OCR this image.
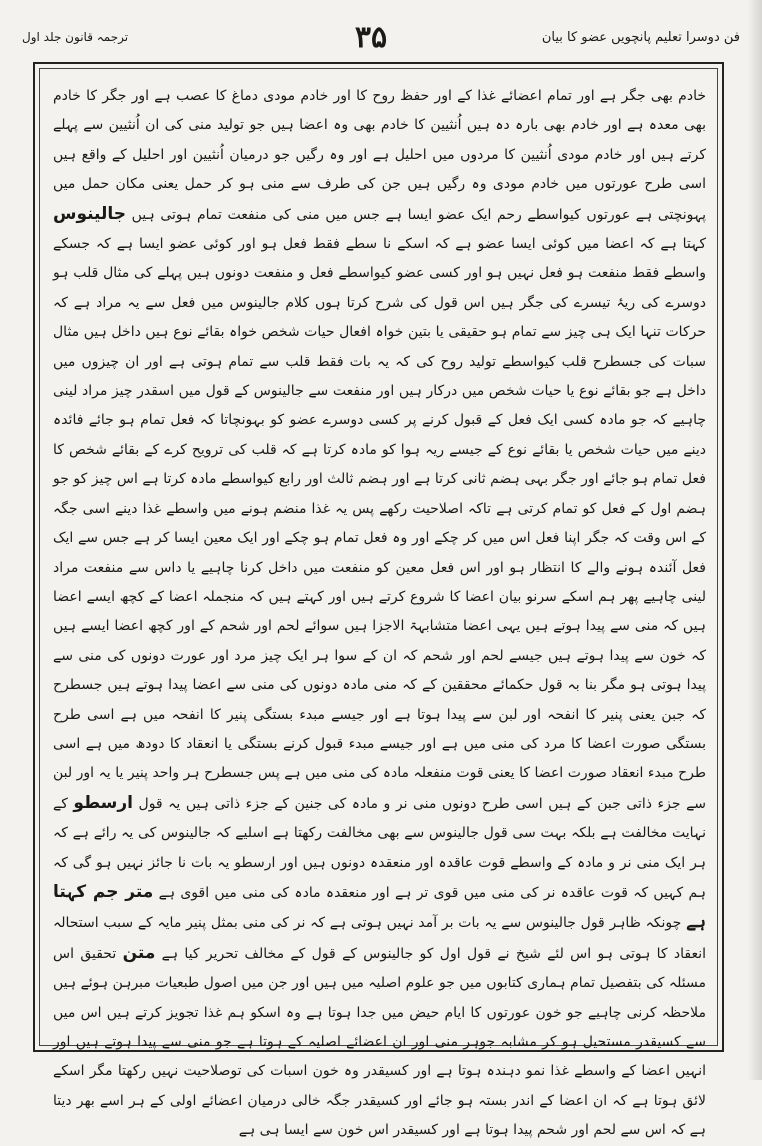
فن دوسرا تعلیم پانچویں عضو کا بیان
۳۵
ترجمہ قانون جلد اول

خادم بھی جگر ہے اور تمام اعضائے غذا کے اور حفظ روح کا اور خادم مودی دماغ کا عصب ہے اور جگر کا خادم بھی معدہ ہے اور خادم بھی بارہ دہ ہیں اُنثیین کا خادم بھی وہ اعضا ہیں جو تولید منی کی ان اُنثیین سے پہلے کرتے ہیں اور خادم مودی اُنثیین کا مردوں میں احلیل ہے اور وہ رگیں جو درمیان اُنثیین اور احلیل کے واقع ہیں اسی طرح عورتوں میں خادم مودی وہ رگیں ہیں جن کی طرف سے منی ہو کر حمل یعنی مکان حمل میں پہونچتی ہے عورتوں کیواسطے رحم ایک عضو ایسا ہے جس میں منی کی منفعت تمام ہوتی ہیں جالینوس کہتا ہے کہ اعضا میں کوئی ایسا عضو ہے کہ اسکے نا سطے فقط فعل ہو اور کوئی عضو ایسا ہے کہ جسکے واسطے فقط منفعت ہو فعل نہیں ہو اور کسی عضو کیواسطے فعل و منفعت دونوں ہیں پہلے کی مثال قلب ہو دوسرے کی ریۂ تیسرے کی جگر ہیں اس قول کی شرح کرتا ہوں کلام جالینوس میں فعل سے یہ مراد ہے کہ حرکات تنہا ایک ہی چیز سے تمام ہو حقیقی یا بتین خواہ افعال حیات شخص خواہ بقائے نوع ہیں داخل ہیں مثال سبات کی جسطرح قلب کیواسطے تولید روح کی کہ یہ بات فقط قلب سے تمام ہوتی ہے اور ان چیزوں میں داخل ہے جو بقائے نوع یا حیات شخص میں درکار ہیں اور منفعت سے جالینوس کے قول میں اسقدر چیز مراد لینی چاہیے کہ جو مادہ کسی ایک فعل کے قبول کرنے پر کسی دوسرے عضو کو بہونچاتا کہ فعل تمام ہو جائے فائدہ دینے میں حیات شخص یا بقائے نوع کے جیسے ریہ ہوا کو مادہ کرتا ہے کہ قلب کی ترویح کرے کے بقائے شخص کا فعل تمام ہو جائے اور جگر بہی ہضم ثانی کرتا ہے اور ہضم ثالث اور رابع کیواسطے مادہ کرتا ہے اس چیز کو جو ہضم اول کے فعل کو تمام کرتی ہے تاکہ اصلاحیت رکھے پس یہ غذا منضم ہونے میں واسطے غذا دینے اسی جگہ کے اس وقت کہ جگر اپنا فعل اس میں کر چکے اور وہ فعل تمام ہو چکے اور ایک معین ایسا کر ہے جس سے ایک فعل آئندہ ہونے والے کا انتظار ہو اور اس فعل معین کو منفعت میں داخل کرنا چاہیے یا داس سے منفعت مراد لینی چاہیے پھر ہم اسکے سرنو بیان اعضا کا شروع کرتے ہیں اور کہتے ہیں کہ منجملہ اعضا کے کچھ ایسے اعضا ہیں کہ منی سے پیدا ہوتے ہیں یہی اعضا متشابہۃ الاجزا ہیں سوائے لحم اور شحم کے اور کچھ اعضا ایسے ہیں کہ خون سے پیدا ہوتے ہیں جیسے لحم اور شحم کہ ان کے سوا ہر ایک چیز مرد اور عورت دونوں کی منی سے پیدا ہوتی ہو مگر بنا بہ قول حکمائے محققین کے کہ منی مادہ دونوں کی منی سے اعضا پیدا ہوتے ہیں جسطرح کہ جبن یعنی پنیر کا انفحہ اور لبن سے پیدا ہوتا ہے اور جیسے مبدء بستگی پنیر کا انفحہ میں ہے اسی طرح بستگی صورت اعضا کا مرد کی منی میں ہے اور جیسے مبدء قبول کرنے بستگی یا انعقاد کا دودھ میں ہے اسی طرح مبدء انعقاد صورت اعضا کا یعنی قوت منفعلہ مادہ کی منی میں ہے پس جسطرح ہر واحد پنیر یا یہ اور لبن سے جزء ذاتی جبن کے ہیں اسی طرح دونوں منی نر و مادہ کی جنین کے جزء ذاتی ہیں یہ قول ارسطو کے نہایت مخالفت ہے بلکہ بہت سی قول جالینوس سے بھی مخالفت رکھتا ہے اسلیے کہ جالینوس کی یہ رائے ہے کہ ہر ایک منی نر و مادہ کے واسطے قوت عاقدہ اور منعقدہ دونوں ہیں اور ارسطو یہ بات نا جائز نہیں ہو گی کہ ہم کہیں کہ قوت عاقدہ نر کی منی میں قوی تر ہے اور منعقدہ مادہ کی منی میں اقوی ہے متر جم کہتا ہے چونکہ ظاہر قول جالینوس سے یہ بات بر آمد نہیں ہوتی ہے کہ نر کی منی بمثل پنیر مایہ کے سبب استحالہ انعقاد کا ہوتی ہو اس لئے شیخ نے قول اول کو جالینوس کے قول کے مخالف تحریر کیا ہے متن تحقیق اس مسئلہ کی بتفصیل تمام ہماری کتابوں میں جو علوم اصلیہ میں ہیں اور جن میں اصول طبعیات مبرہن ہوئے ہیں ملاحظہ کرنی چاہیے جو خون عورتوں کا ایام حیض میں جدا ہوتا ہے وہ اسکو ہم غذا تجویز کرتے ہیں اس میں سے کسیقدر مستحیل ہو کر مشابہ جوہر منی اور ان اعضائے اصلیہ کے ہوتا ہے جو منی سے پیدا ہوتے ہیں اور انہیں اعضا کے واسطے غذا نمو دہندہ ہوتا ہے اور کسیقدر وہ خون اسبات کی توصلاحیت نہیں رکھتا مگر اسکے لائق ہوتا ہے کہ ان اعضا کے اندر بستہ ہو جائے اور کسیقدر جگہ خالی درمیان اعضائے اولی کے ہر اسے بھر دیتا ہے کہ اس سے لحم اور شحم پیدا ہوتا ہے اور کسیقدر اس خون سے ایسا ہی ہے
